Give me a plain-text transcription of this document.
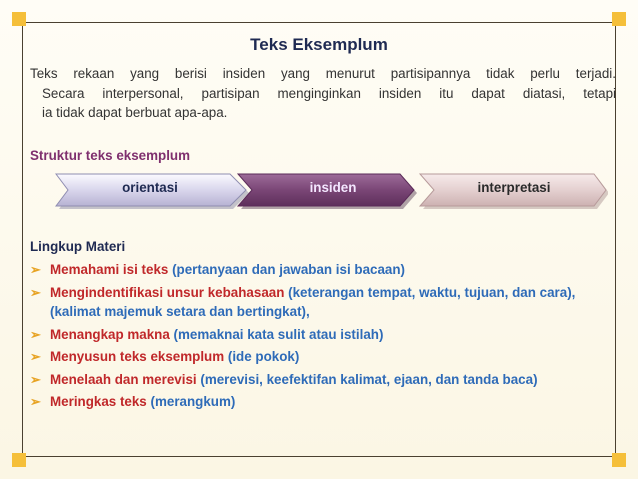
Teks Eksemplum
Teks rekaan yang berisi insiden yang menurut partisipannya tidak perlu terjadi.
Secara interpersonal, partisipan menginginkan insiden itu dapat diatasi, tetapi
ia tidak dapat berbuat apa-apa.
Struktur teks eksemplum
orientasi	insiden	interpretasi
Lingkup Materi
➢ Memahami isi teks (pertanyaan dan jawaban isi bacaan)
➢ Mengindentifikasi unsur kebahasaan (keterangan tempat, waktu, tujuan, dan cara), (kalimat majemuk setara dan bertingkat),
➢ Menangkap makna (memaknai kata sulit atau istilah)
➢ Menyusun teks eksemplum (ide pokok)
➢ Menelaah dan merevisi (merevisi, keefektifan kalimat, ejaan, dan tanda baca)
➢ Meringkas teks (merangkum)
